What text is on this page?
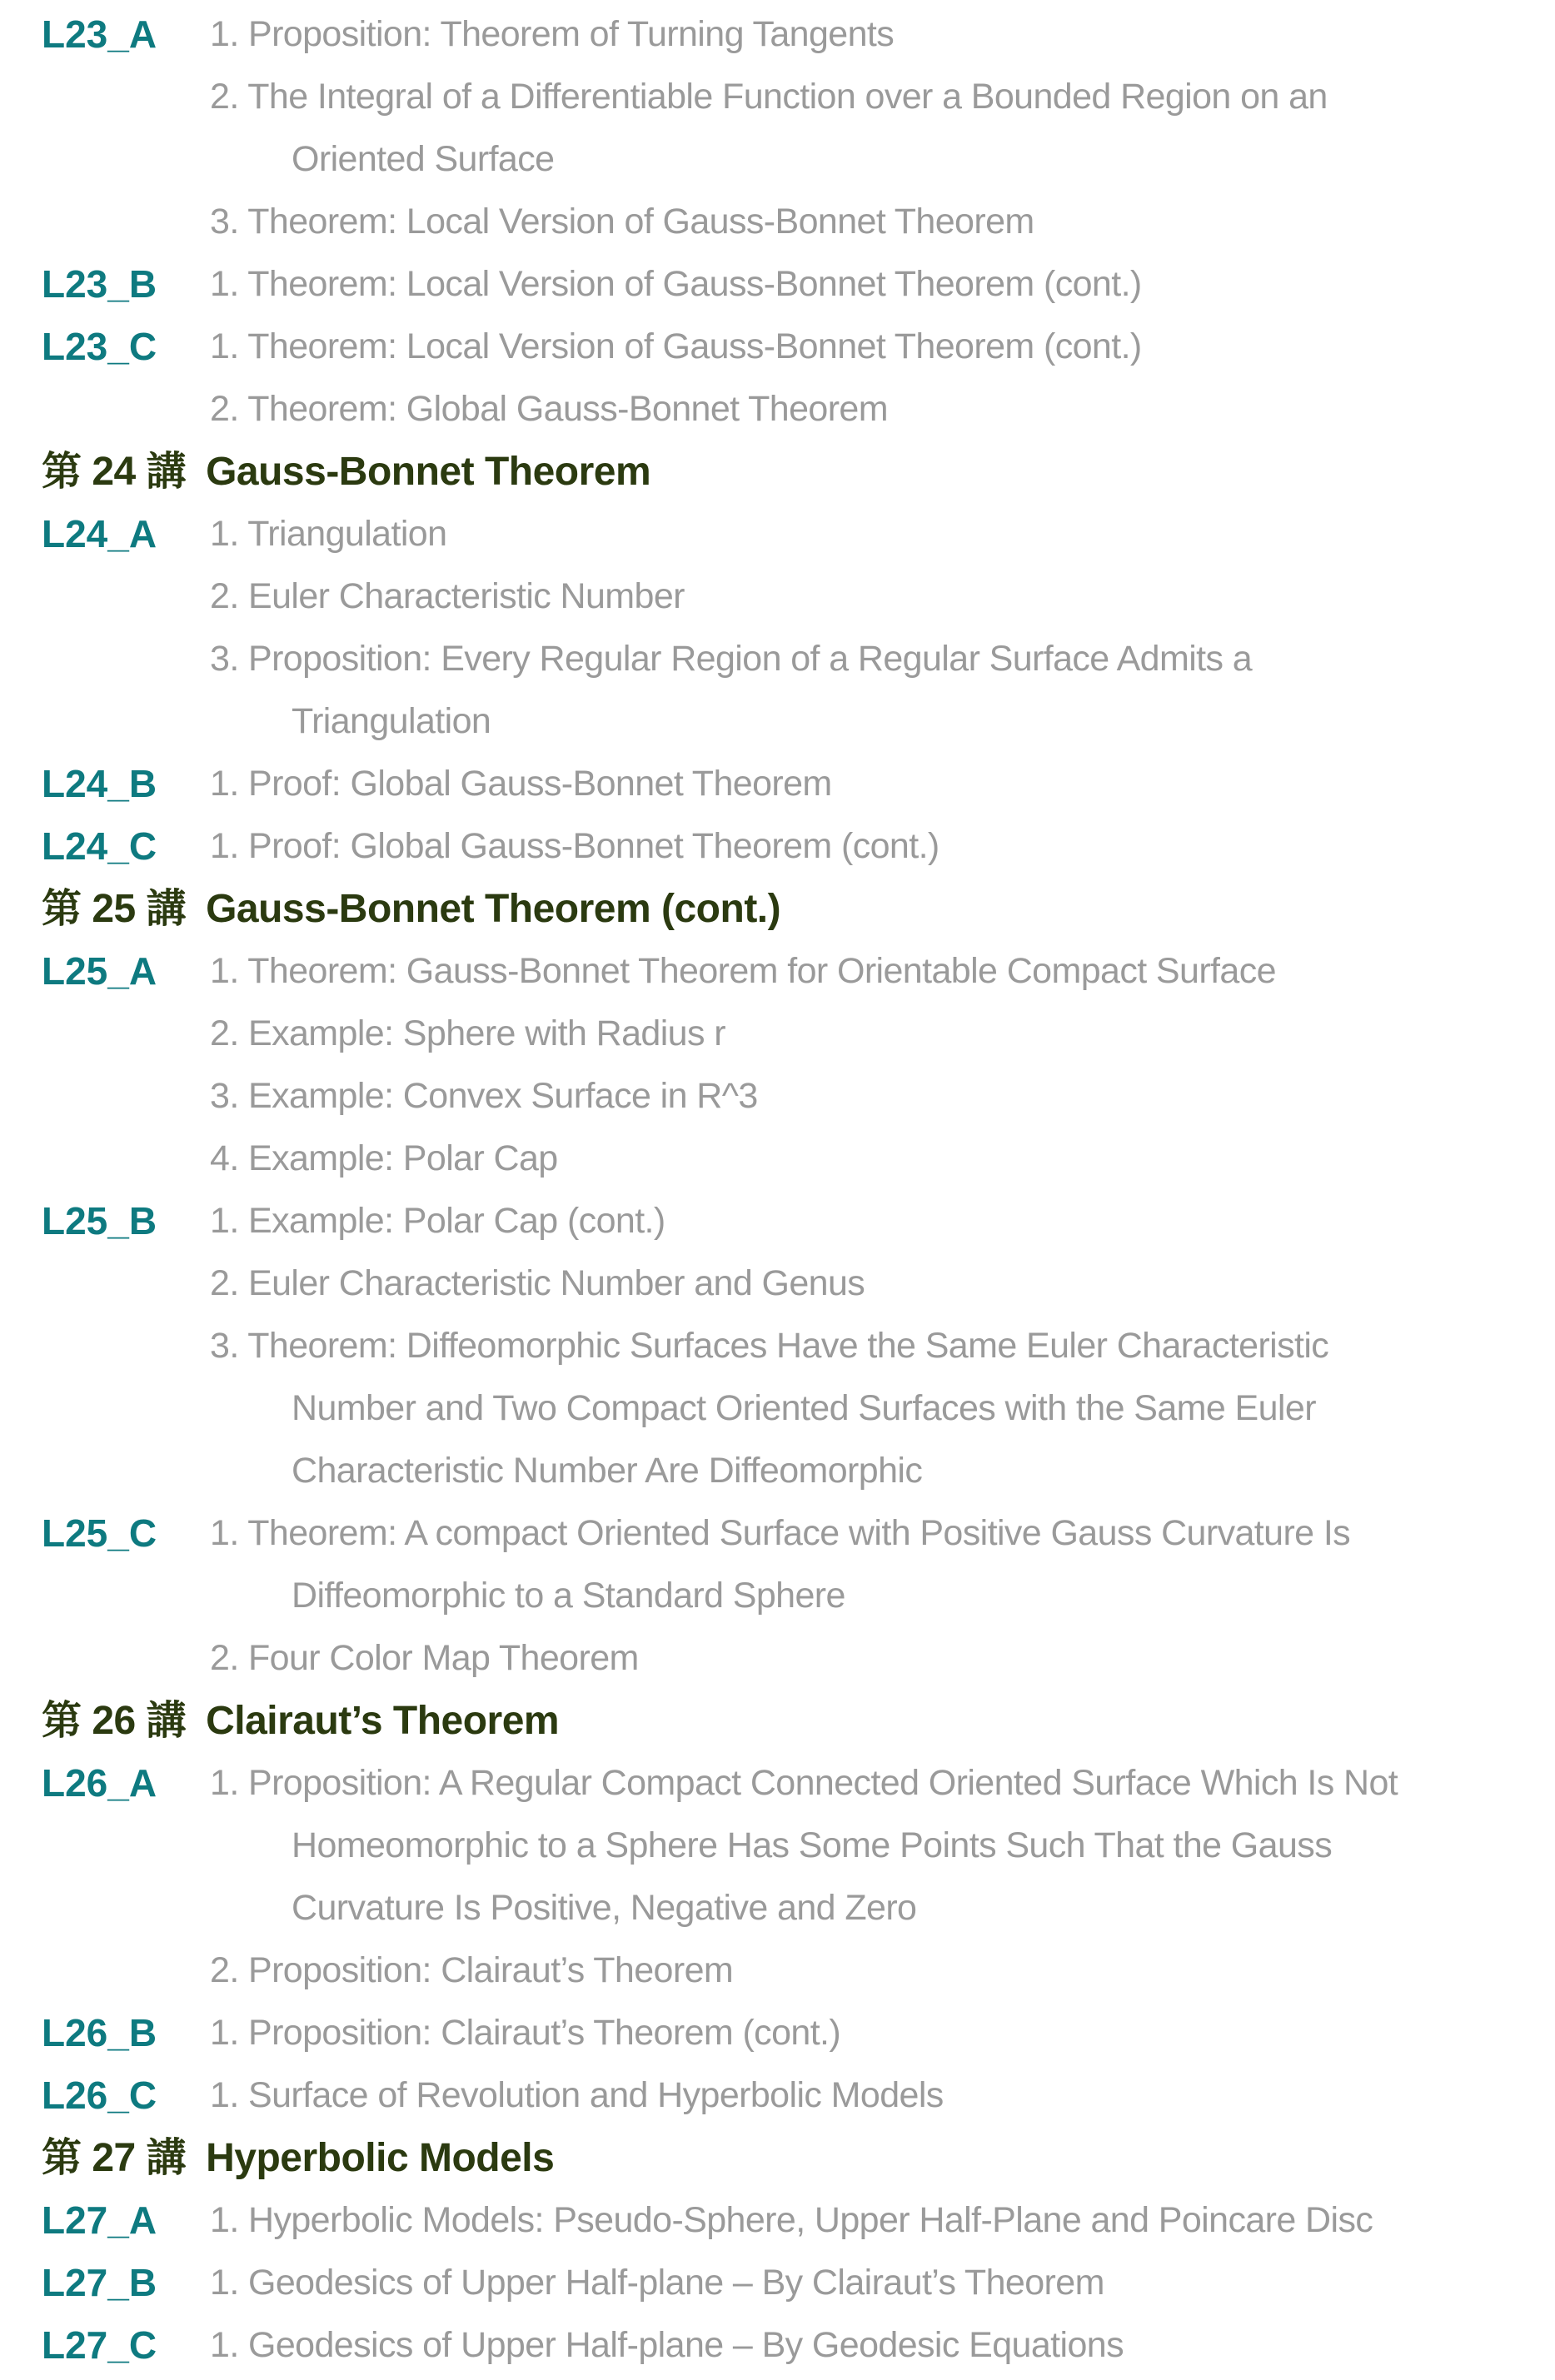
L23_A	1. Proposition: Theorem of Turning Tangents
2. The Integral of a Differentiable Function over a Bounded Region on an
Oriented Surface
3. Theorem: Local Version of Gauss-Bonnet Theorem
L23_B	1. Theorem: Local Version of Gauss-Bonnet Theorem (cont.)
L23_C	1. Theorem: Local Version of Gauss-Bonnet Theorem (cont.)
2. Theorem: Global Gauss-Bonnet Theorem
第 24 講 Gauss-Bonnet Theorem
L24_A	1. Triangulation
2. Euler Characteristic Number
3. Proposition: Every Regular Region of a Regular Surface Admits a
Triangulation
L24_B	1. Proof: Global Gauss-Bonnet Theorem
L24_C	1. Proof: Global Gauss-Bonnet Theorem (cont.)
第 25 講 Gauss-Bonnet Theorem (cont.)
L25_A	1. Theorem: Gauss-Bonnet Theorem for Orientable Compact Surface
2. Example: Sphere with Radius r
3. Example: Convex Surface in R^3
4. Example: Polar Cap
L25_B	1. Example: Polar Cap (cont.)
2. Euler Characteristic Number and Genus
3. Theorem: Diffeomorphic Surfaces Have the Same Euler Characteristic
Number and Two Compact Oriented Surfaces with the Same Euler
Characteristic Number Are Diffeomorphic
L25_C	1. Theorem: A compact Oriented Surface with Positive Gauss Curvature Is
Diffeomorphic to a Standard Sphere
2. Four Color Map Theorem
第 26 講 Clairaut’s Theorem
L26_A	1. Proposition: A Regular Compact Connected Oriented Surface Which Is Not
Homeomorphic to a Sphere Has Some Points Such That the Gauss
Curvature Is Positive, Negative and Zero
2. Proposition: Clairaut’s Theorem
L26_B	1. Proposition: Clairaut’s Theorem (cont.)
L26_C	1. Surface of Revolution and Hyperbolic Models
第 27 講 Hyperbolic Models
L27_A	1. Hyperbolic Models: Pseudo-Sphere, Upper Half-Plane and Poincare Disc
L27_B	1. Geodesics of Upper Half-plane – By Clairaut’s Theorem
L27_C	1. Geodesics of Upper Half-plane – By Geodesic Equations
